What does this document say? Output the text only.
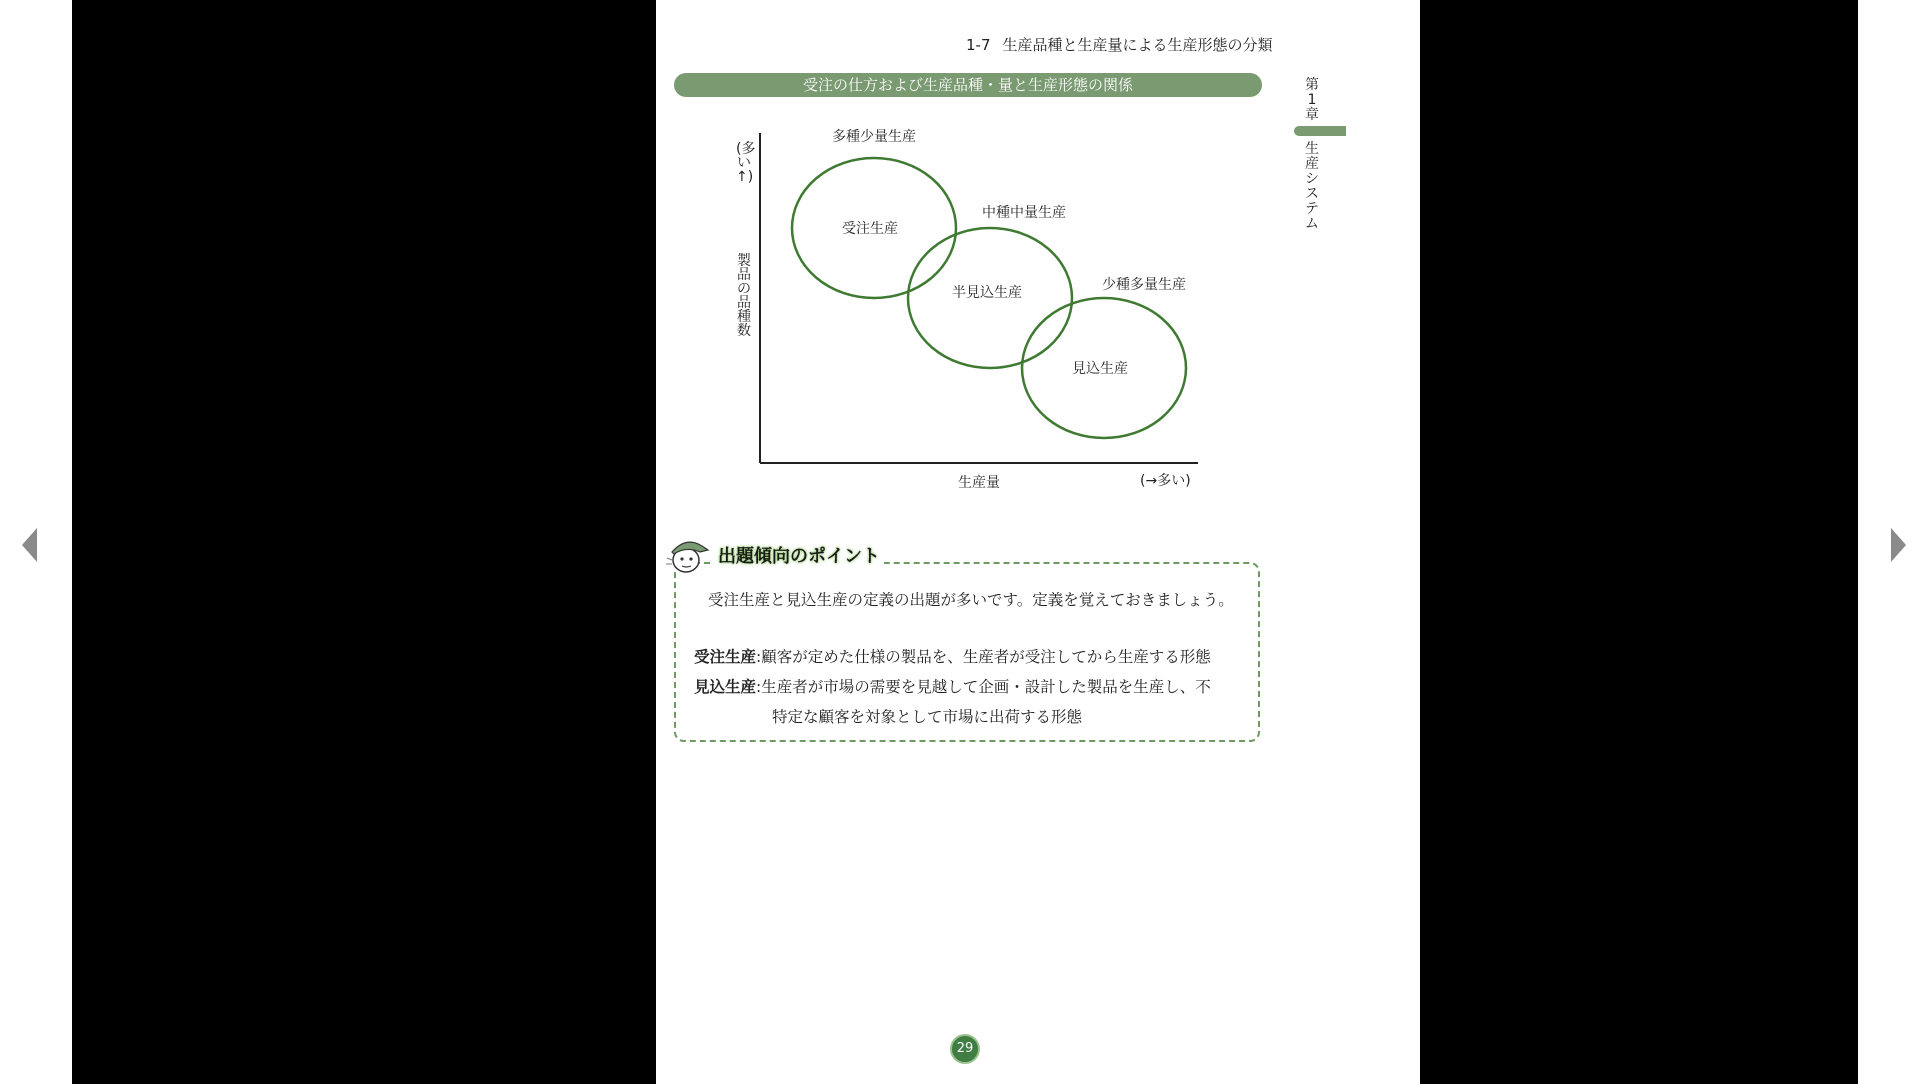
1-7 生産品種と生産量による生産形態の分類
受注の仕方および生産品種・量と生産形態の関係	第1章
生産システム
(多い↑)
製品の品種数
多種少量生産
受注生産
中種中量生産
半見込生産	少種多量生産
見込生産
生産量	(→多い)
出題傾向のポイント
受注生産と見込生産の定義の出題が多いです。定義を覚えておきましょう。
受注生産:顧客が定めた仕様の製品を、生産者が受注してから生産する形態
見込生産:生産者が市場の需要を見越して企画・設計した製品を生産し、不
特定な顧客を対象として市場に出荷する形態
29
